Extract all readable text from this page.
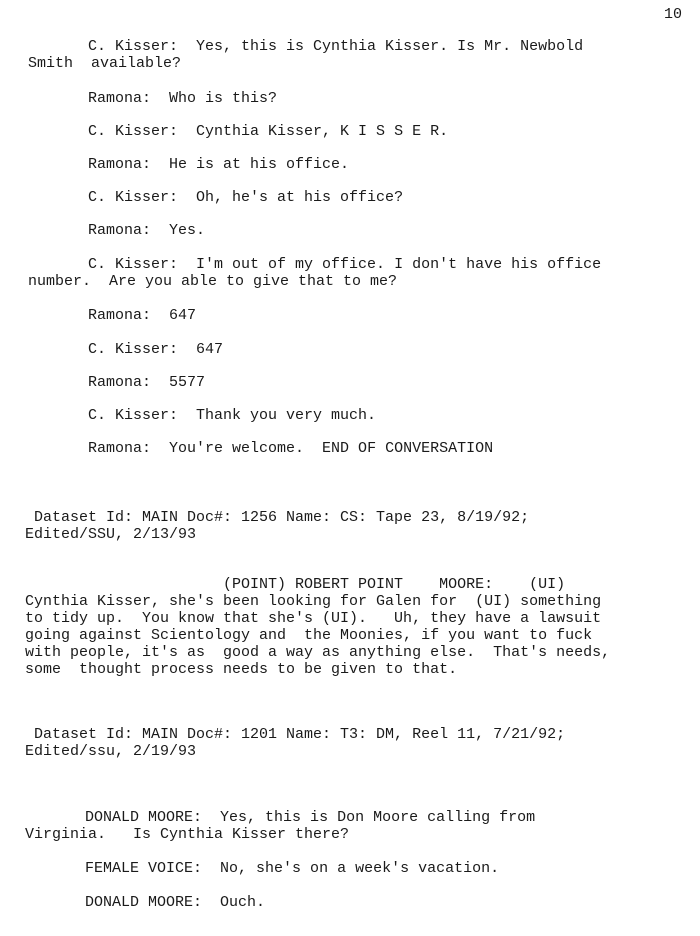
10
C. Kisser: Yes, this is Cynthia Kisser. Is Mr. Newbold
Smith  available?
Ramona: Who is this?
C. Kisser: Cynthia Kisser, K I S S E R.
Ramona: He is at his office.
C. Kisser: Oh, he's at his office?
Ramona: Yes.
C. Kisser: I'm out of my office. I don't have his office
number.  Are you able to give that to me?
Ramona: 647
C. Kisser: 647
Ramona: 5577
C. Kisser: Thank you very much.
Ramona: You're welcome.  END OF CONVERSATION
Dataset Id: MAIN Doc#: 1256 Name: CS: Tape 23, 8/19/92;
Edited/SSU, 2/13/93
(POINT) ROBERT POINT    MOORE:    (UI)
Cynthia Kisser, she's been looking for Galen for  (UI) something
to tidy up.  You know that she's (UI).   Uh, they have a lawsuit
going against Scientology and  the Moonies, if you want to fuck
with people, it's as  good a way as anything else.  That's needs,
some  thought process needs to be given to that.
Dataset Id: MAIN Doc#: 1201 Name: T3: DM, Reel 11, 7/21/92;
Edited/ssu, 2/19/93
DONALD MOORE: Yes, this is Don Moore calling from
Virginia.   Is Cynthia Kisser there?
FEMALE VOICE: No, she's on a week's vacation.
DONALD MOORE: Ouch.
